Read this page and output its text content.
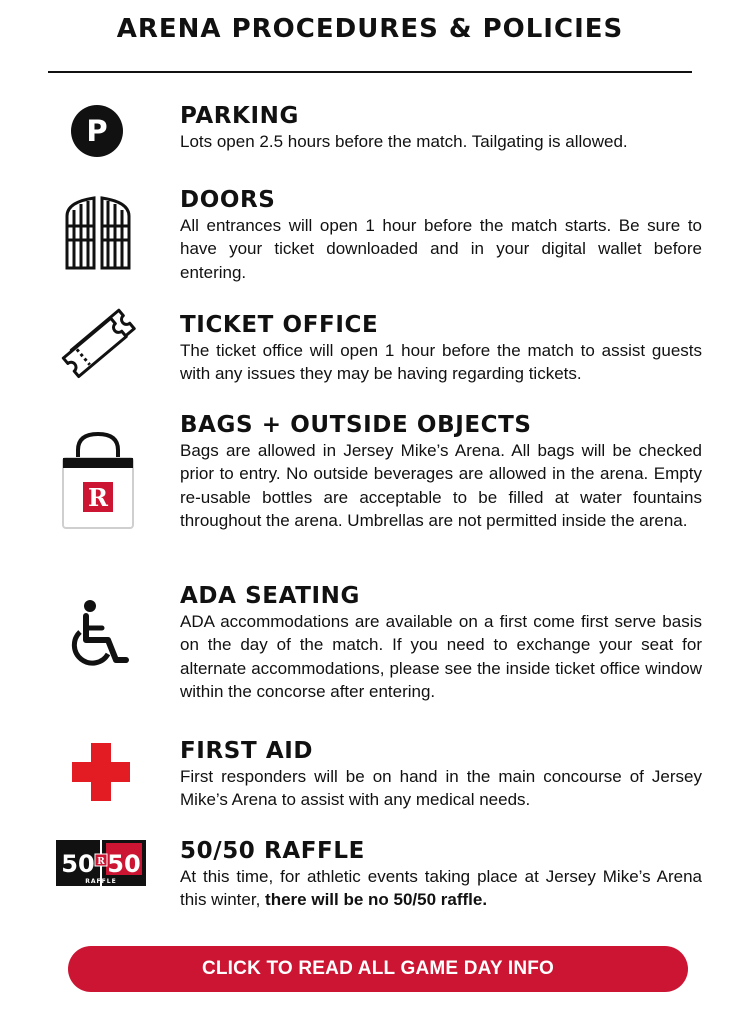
ARENA PROCEDURES & POLICIES
P	PARKING

Lots open 2.5 hours before the match. Tailgating is allowed.

DOORS

All entrances will open 1 hour before the match starts. Be sure to have your ticket downloaded and in your digital wallet before entering.

TICKET OFFICE

The ticket office will open 1 hour before the match to assist guests with any issues they may be having regarding tickets.

R
BAGS + OUTSIDE OBJECTS

Bags are allowed in Jersey Mike’s Arena. All bags will be checked prior to entry. No outside beverages are allowed in the arena. Empty re-usable bottles are acceptable to be filled at water fountains throughout the arena. Umbrellas are not permitted inside the arena.

ADA SEATING

ADA accommodations are available on a first come first serve basis on the day of the match. If you need to exchange your seat for alternate accommodations, please see the inside ticket office window within the concorse after entering.

FIRST AID

First responders will be on hand in the main concourse of Jersey Mike’s Arena to assist with any medical needs.

50 50
R
RAFFLE
50/50 RAFFLE

At this time, for athletic events taking place at Jersey Mike’s Arena this winter, there will be no 50/50 raffle.

CLICK TO READ ALL GAME DAY INFO
